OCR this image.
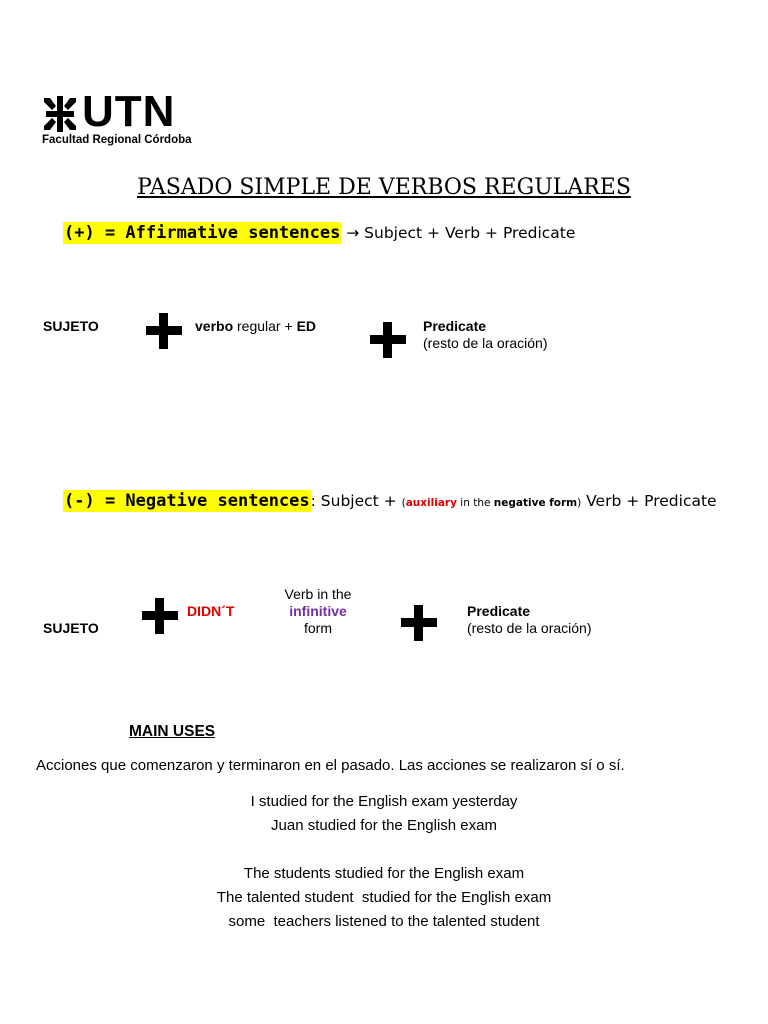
UTN
Facultad Regional Córdoba
PASADO SIMPLE DE VERBOS REGULARES
(+) = Affirmative sentences → Subject + Verb + Predicate
SUJETO	verbo regular + ED	Predicate
(resto de la oración)
(-) = Negative sentences: Subject + (auxiliary in the negative form) Verb + Predicate
SUJETO
DIDN´T
Verb in the
infinitive
form
Predicate
(resto de la oración)
MAIN USES
Acciones que comenzaron y terminaron en el pasado. Las acciones se realizaron sí o sí.
I studied for the English exam yesterday
Juan studied for the English exam
The students studied for the English exam
The talented student  studied for the English exam
some  teachers listened to the talented student
